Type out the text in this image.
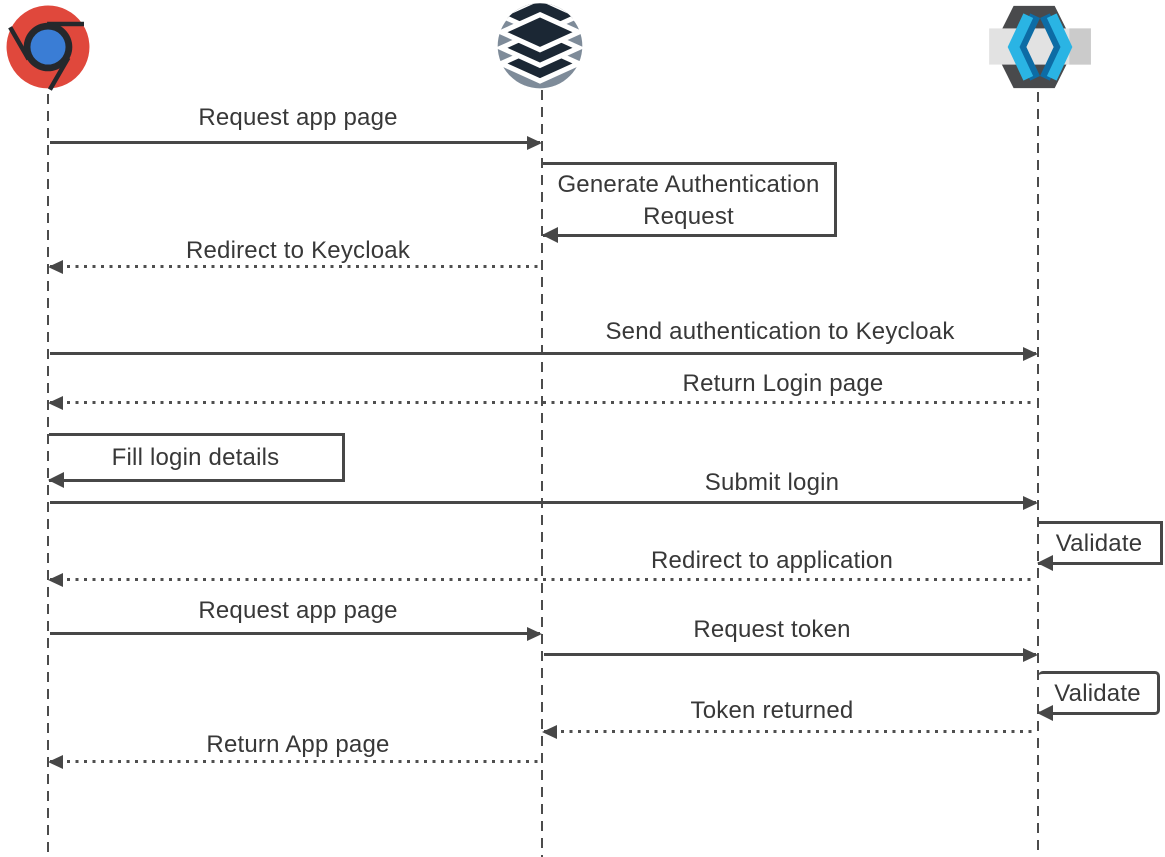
Request app page
Generate Authentication Request
Redirect to Keycloak
Send authentication to Keycloak
Return Login page
Fill login details
Submit login
Validate
Redirect to application
Request app page
Request token
Validate
Token returned
Return App page
